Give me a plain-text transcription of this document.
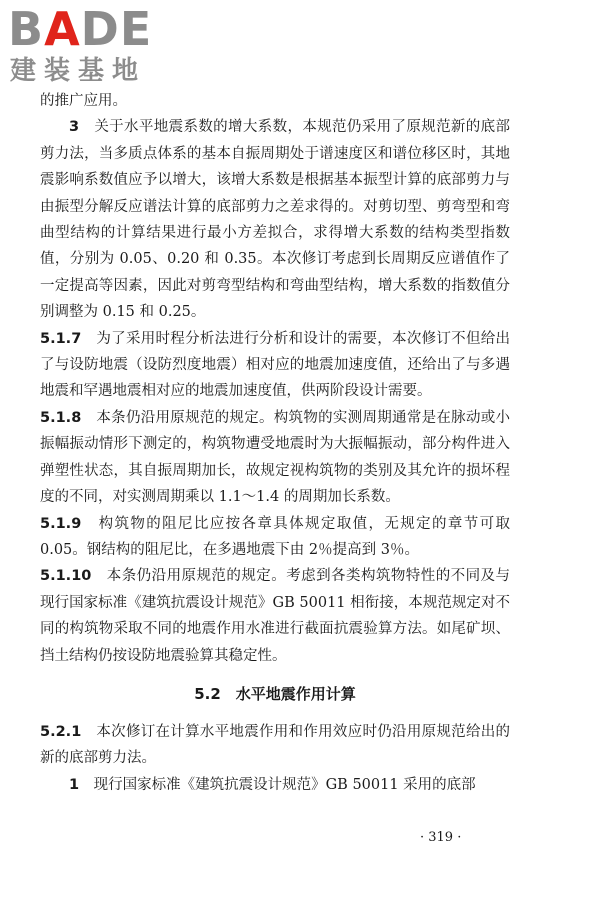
BADE
建装基地

的推广应用。

3　 关于水平地震系数的增大系数，本规范仍采用了原规范新的底部剪力法，当多质点体系的基本自振周期处于谱速度区和谱位移区时，其地震影响系数值应予以增大，该增大系数是根据基本振型计算的底部剪力与由振型分解反应谱法计算的底部剪力之差求得的。对剪切型、剪弯型和弯曲型结构的计算结果进行最小方差拟合，求得增大系数的结构类型指数值，分别为 0.05、0.20 和 0.35。本次修订考虑到长周期反应谱值作了一定提高等因素，因此对剪弯型结构和弯曲型结构，增大系数的指数值分别调整为 0.15 和 0.25。

5.1.7　 为了采用时程分析法进行分析和设计的需要，本次修订不但给出了与设防地震（设防烈度地震）相对应的地震加速度值，还给出了与多遇地震和罕遇地震相对应的地震加速度值，供两阶段设计需要。

5.1.8　 本条仍沿用原规范的规定。构筑物的实测周期通常是在脉动或小振幅振动情形下测定的，构筑物遭受地震时为大振幅振动，部分构件进入弹塑性状态，其自振周期加长，故规定视构筑物的类别及其允许的损坏程度的不同，对实测周期乘以 1.1～1.4 的周期加长系数。

5.1.9　 构筑物的阻尼比应按各章具体规定取值，无规定的章节可取 0.05。钢结构的阻尼比，在多遇地震下由 2％提高到 3％。

5.1.10　 本条仍沿用原规范的规定。考虑到各类构筑物特性的不同及与现行国家标准《建筑抗震设计规范》GB 50011 相衔接，本规范规定对不同的构筑物采取不同的地震作用水准进行截面抗震验算方法。如尾矿坝、挡土结构仍按设防地震验算其稳定性。

5.2　水平地震作用计算

5.2.1　 本次修订在计算水平地震作用和作用效应时仍沿用原规范给出的新的底部剪力法。

1　 现行国家标准《建筑抗震设计规范》GB 50011 采用的底部

· 319 ·
